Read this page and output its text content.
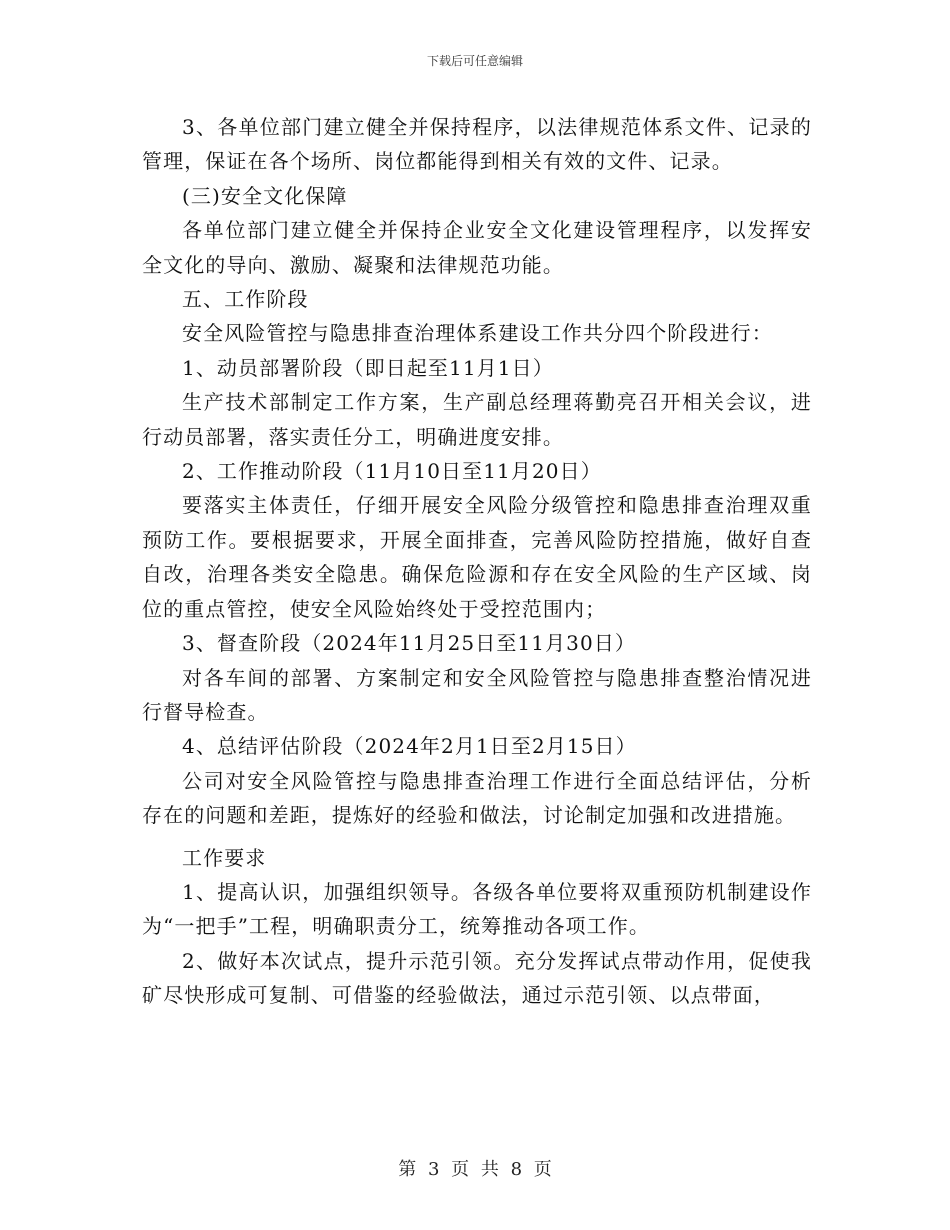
下载后可任意编辑

3、各单位部门建立健全并保持程序，以法律规范体系文件、记录的管理，保证在各个场所、岗位都能得到相关有效的文件、记录。

(三)安全文化保障

各单位部门建立健全并保持企业安全文化建设管理程序，以发挥安全文化的导向、激励、凝聚和法律规范功能。

五、工作阶段

安全风险管控与隐患排查治理体系建设工作共分四个阶段进行：

1、动员部署阶段（即日起至11月1日）

生产技术部制定工作方案，生产副总经理蒋勤亮召开相关会议，进行动员部署，落实责任分工，明确进度安排。

2、工作推动阶段（11月10日至11月20日）

要落实主体责任，仔细开展安全风险分级管控和隐患排查治理双重预防工作。要根据要求，开展全面排查，完善风险防控措施，做好自查自改，治理各类安全隐患。确保危险源和存在安全风险的生产区域、岗位的重点管控，使安全风险始终处于受控范围内；

3、督查阶段（2024年11月25日至11月30日）

对各车间的部署、方案制定和安全风险管控与隐患排查整治情况进行督导检查。

4、总结评估阶段（2024年2月1日至2月15日）

公司对安全风险管控与隐患排查治理工作进行全面总结评估，分析存在的问题和差距，提炼好的经验和做法，讨论制定加强和改进措施。

工作要求

1、提高认识，加强组织领导。各级各单位要将双重预防机制建设作为“一把手”工程，明确职责分工，统筹推动各项工作。

2、做好本次试点，提升示范引领。充分发挥试点带动作用，促使我矿尽快形成可复制、可借鉴的经验做法，通过示范引领、以点带面，

第 3 页 共 8 页
